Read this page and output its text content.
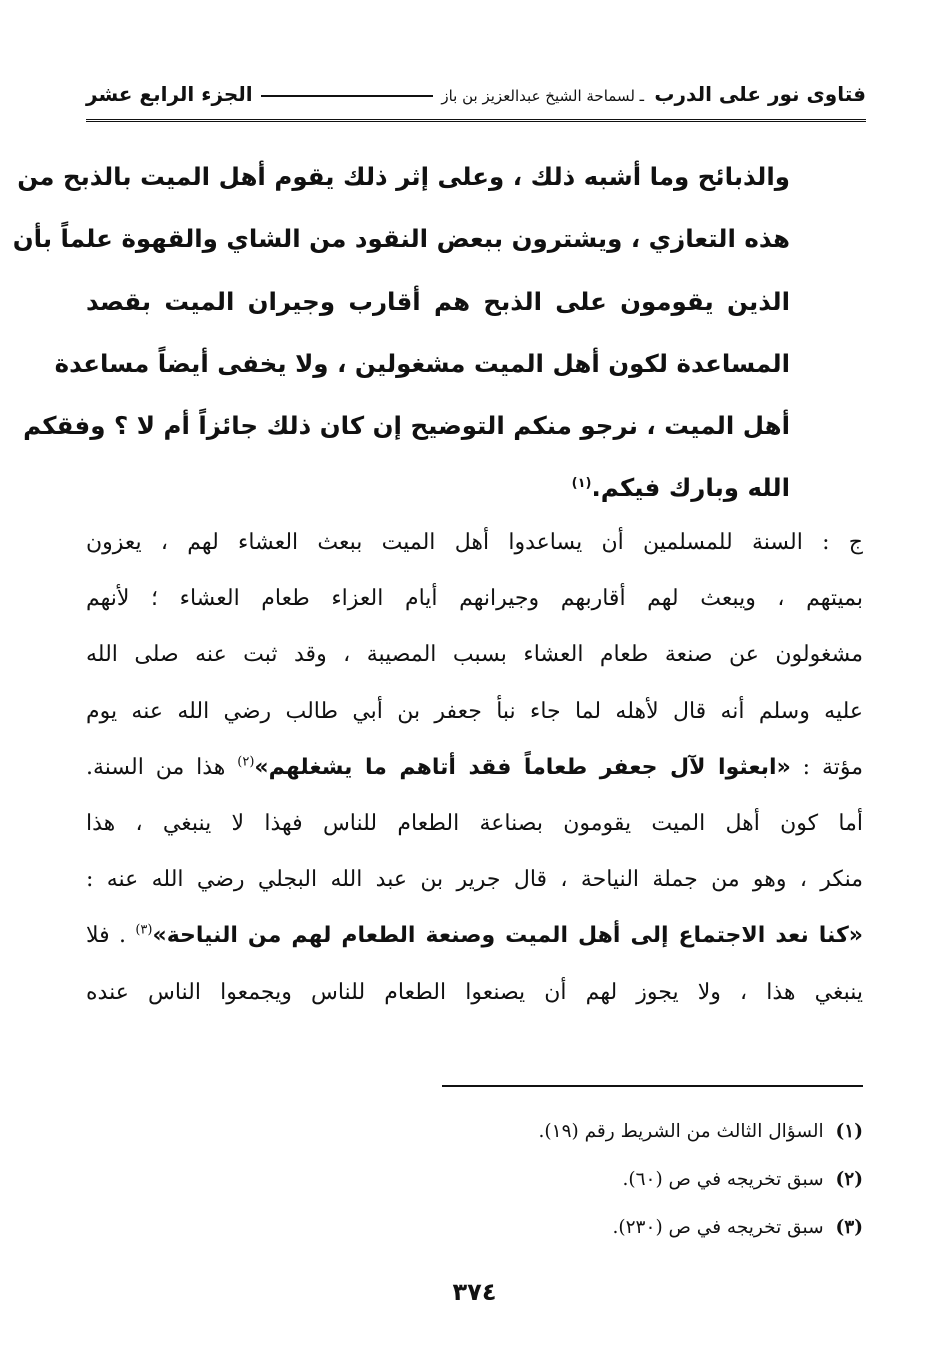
فتاوى نور على الدرب ـ لسماحة الشيخ عبدالعزيز بن باز
الجزء الرابع عشر
والذبائح وما أشبه ذلك ، وعلى إثر ذلك يقوم أهل الميت بالذبح من
هذه التعازي ، ويشترون ببعض النقود من الشاي والقهوة علماً بأن
الذين يقومون على الذبح هم أقارب وجيران الميت بقصد
المساعدة لكون أهل الميت مشغولين ، ولا يخفى أيضاً مساعدة
أهل الميت ، نرجو منكم التوضيح إن كان ذلك جائزاً أم لا ؟ وفقكم
الله وبارك فيكم.$^{(١)}$
ج : السنة للمسلمين أن يساعدوا أهل الميت ببعث العشاء لهم ، يعزون
بميتهم ، ويبعث لهم أقاربهم وجيرانهم أيام العزاء طعام العشاء ؛ لأنهم
مشغولون عن صنعة طعام العشاء بسبب المصيبة ، وقد ثبت عنه صلى الله
عليه وسلم أنه قال لأهله لما جاء نبأ جعفر بن أبي طالب رضي الله عنه يوم
مؤتة : «ابعثوا لآل جعفر طعاماً فقد أتاهم ما يشغلهم»$^{(٢)}$ هذا من السنة.
أما كون أهل الميت يقومون بصناعة الطعام للناس فهذا لا ينبغي ، هذا
منكر ، وهو من جملة النياحة ، قال جرير بن عبد الله البجلي رضي الله عنه :
«كنا نعد الاجتماع إلى أهل الميت وصنعة الطعام لهم من النياحة»$^{(٣)}$ . فلا
ينبغي هذا ، ولا يجوز لهم أن يصنعوا الطعام للناس ويجمعوا الناس عنده
(١) السؤال الثالث من الشريط رقم (١٩).
(٢) سبق تخريجه في ص (٦٠).
(٣) سبق تخريجه في ص (٢٣٠).
٣٧٤
